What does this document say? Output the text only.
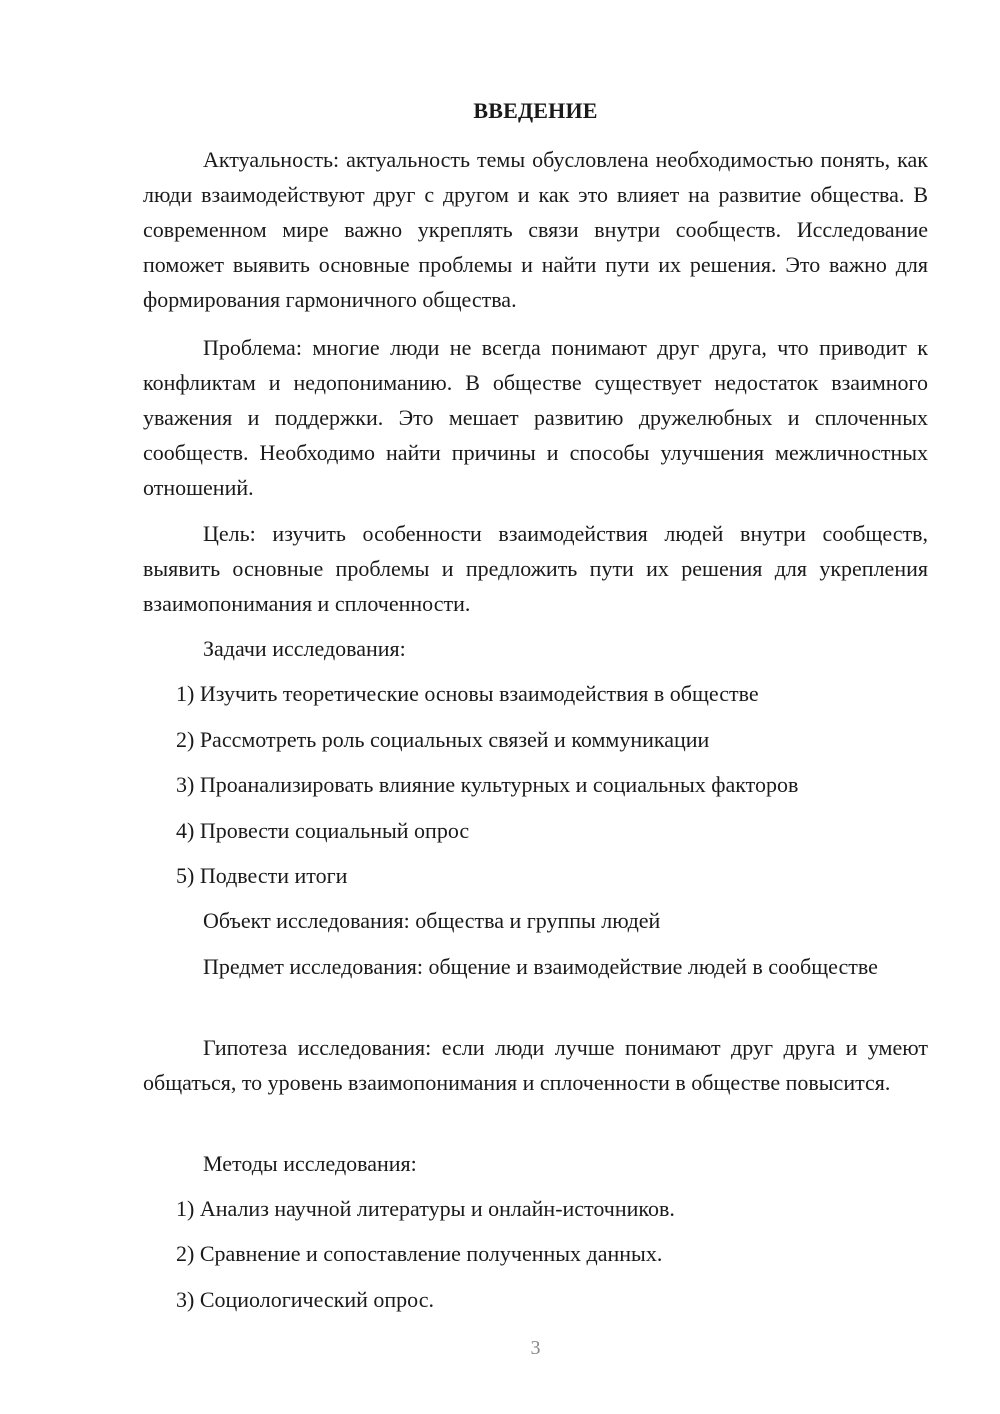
ВВЕДЕНИЕ
Актуальность: актуальность темы обусловлена необходимостью понять, как люди взаимодействуют друг с другом и как это влияет на развитие общества. В современном мире важно укреплять связи внутри сообществ. Исследование поможет выявить основные проблемы и найти пути их решения. Это важно для формирования гармоничного общества.
Проблема: многие люди не всегда понимают друг друга, что приводит к конфликтам и недопониманию. В обществе существует недостаток взаимного уважения и поддержки. Это мешает развитию дружелюбных и сплоченных сообществ. Необходимо найти причины и способы улучшения межличностных отношений.
Цель: изучить особенности взаимодействия людей внутри сообществ, выявить основные проблемы и предложить пути их решения для укрепления взаимопонимания и сплоченности.
Задачи исследования:
1) Изучить теоретические основы взаимодействия в обществе
2) Рассмотреть роль социальных связей и коммуникации
3) Проанализировать влияние культурных и социальных факторов
4) Провести социальный опрос
5) Подвести итоги
Объект исследования: общества и группы людей
Предмет исследования: общение и взаимодействие людей в сообществе
Гипотеза исследования: если люди лучше понимают друг друга и умеют общаться, то уровень взаимопонимания и сплоченности в обществе повысится.
Методы исследования:
1) Анализ научной литературы и онлайн-источников.
2) Сравнение и сопоставление полученных данных.
3) Социологический опрос.
3
